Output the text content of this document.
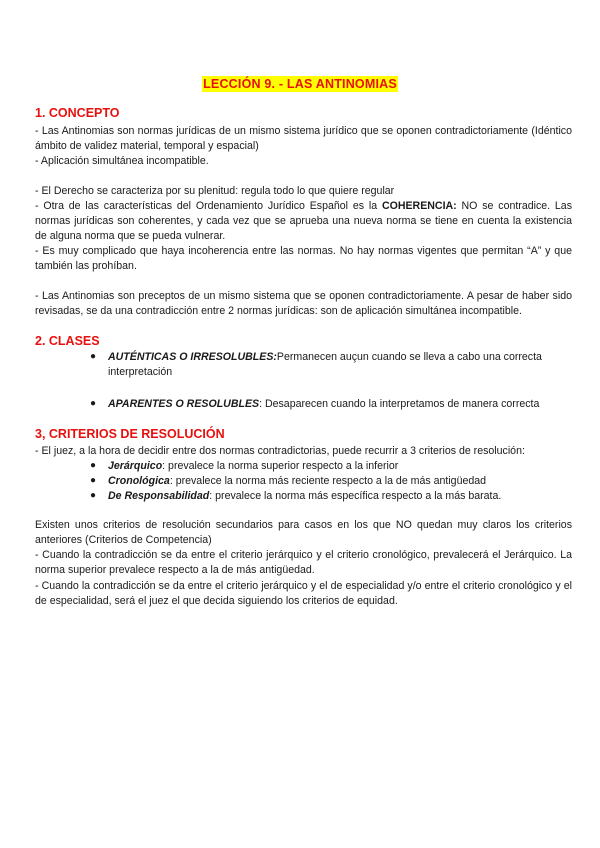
LECCIÓN 9. - LAS ANTINOMIAS
1. CONCEPTO

- Las Antinomias son normas jurídicas de un mismo sistema jurídico que se oponen contradictoriamente (Idéntico ámbito de validez material, temporal y espacial)

- Aplicación simultánea incompatible.

- El Derecho se caracteriza por su plenitud: regula todo lo que quiere regular

- Otra de las características del Ordenamiento Jurídico Español es la COHERENCIA: NO se contradice. Las normas jurídicas son coherentes, y cada vez que se aprueba una nueva norma se tiene en cuenta la existencia de alguna norma que se pueda vulnerar.

- Es muy complicado que haya incoherencia entre las normas. No hay normas vigentes que permitan “A” y que también las prohíban.

- Las Antinomias son preceptos de un mismo sistema que se oponen contradictoriamente. A pesar de haber sido revisadas, se da una contradicción entre 2 normas jurídicas: son de aplicación simultánea incompatible.

2. CLASES
● AUTÉNTICAS O IRRESOLUBLES:Permanecen auçun cuando se lleva a cabo una correcta interpretación
● APARENTES O RESOLUBLES: Desaparecen cuando la interpretamos de manera correcta
3, CRITERIOS DE RESOLUCIÓN

- El juez, a la hora de decidir entre dos normas contradictorias, puede recurrir a 3 criterios de resolución:

● Jerárquico: prevalece la norma superior respecto a la inferior
● Cronológica: prevalece la norma más reciente respecto a la de más antigüedad
● De Responsabilidad: prevalece la norma más específica respecto a la más barata.

Existen unos criterios de resolución secundarios para casos en los que NO quedan muy claros los criterios anteriores (Criterios de Competencia)

- Cuando la contradicción se da entre el criterio jerárquico y el criterio cronológico, prevalecerá el Jerárquico. La norma superior prevalece respecto a la de más antigüedad.

- Cuando la contradicción se da entre el criterio jerárquico y el de especialidad y/o entre el criterio cronológico y el de especialidad, será el juez el que decida siguiendo los criterios de equidad.
